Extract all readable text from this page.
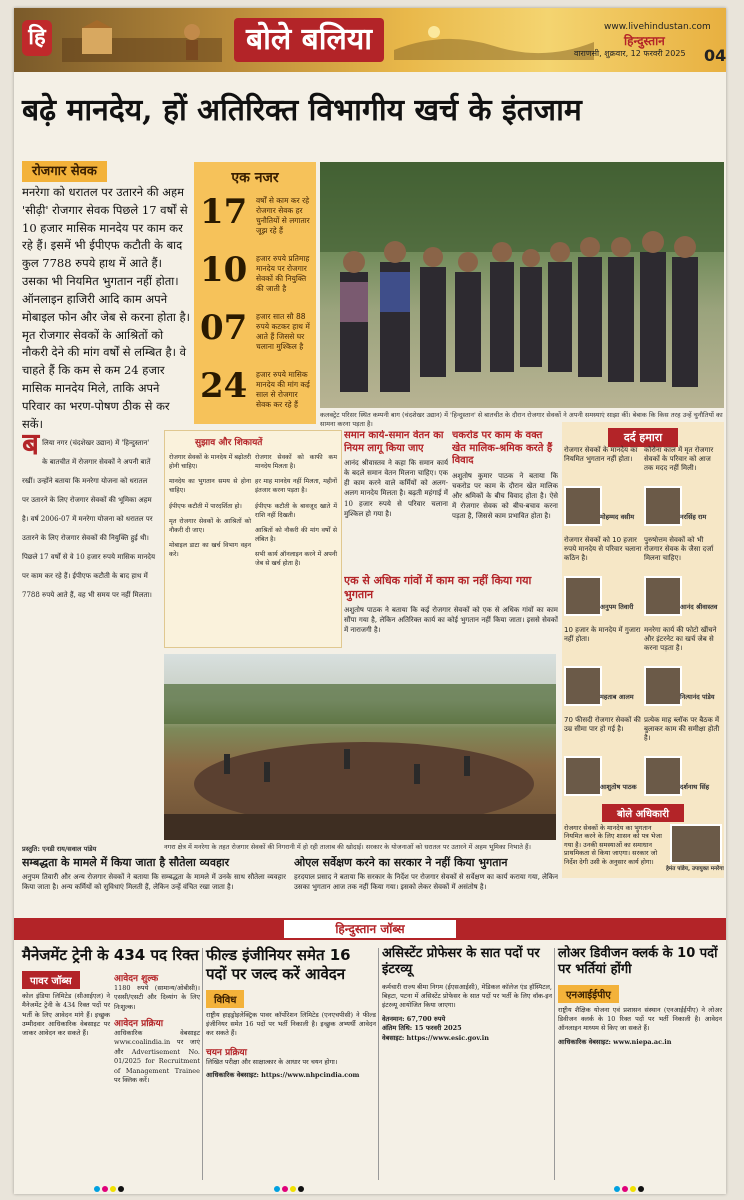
हि	बोले बलिया	www.livehindustan.com
हिन्दुस्तान
वाराणसी, शुक्रवार, 12 फरवरी 2025 04
बढ़े मानदेय, हों अतिरिक्त विभागीय खर्च के इंतजाम
रोजगार सेवक
मनरेगा को धरातल पर उतारने की अहम 'सीढ़ी' रोजगार सेवक पिछले 17 वर्षों से 10 हजार मासिक मानदेय पर काम कर रहे हैं। इसमें भी ईपीएफ कटौती के बाद कुल 7788 रुपये हाथ में आते हैं। उसका भी नियमित भुगतान नहीं होता। ऑनलाइन हाजिरी आदि काम अपने मोबाइल फोन और जेब से करना होता है। मृत रोजगार सेवकों के आश्रितों को नौकरी देने की मांग वर्षों से लम्बित है। वे चाहते हैं कि कम से कम 24 हजार मासिक मानदेय मिले, ताकि अपने परिवार का भरण-पोषण ठीक से कर सकें।
एक नजर
17 वर्षों से काम कर रहे रोजगार सेवक हर चुनौतियों से लगातार जूझ रहे हैं
10 हजार रुपये प्रतिमाह मानदेय पर रोजगार सेवकों की नियुक्ति की जाती है
07 हजार सात सौ 88 रुपये कटकर हाथ में आते हैं जिससे घर चलाना मुश्किल है
24 हजार रुपये मासिक मानदेय की मांग कई साल से रोजगार सेवक कर रहे हैं
कलक्ट्रेट परिसर स्थित कम्पनी बाग (चंदशेखर उद्यान) में 'हिन्दुस्तान' से बातचीत के दौरान रोजगार सेवकों ने अपनी समस्याएं साझा कीं। बेबाक कि किस तरह उन्हें चुनौतियों का सामना करना पड़ता है।
ब लिया नगर (चंदशेखर उद्यान) में 'हिन्दुस्तान' के बातचीत में रोजगार सेवकों ने अपनी बातें रखीं। उन्होंने बताया कि मनरेगा योजना को धरातल पर उतारने के लिए रोजगार सेवकों की भूमिका अहम है। वर्ष 2006-07 में मनरेगा योजना को धरातल पर उतारने के लिए रोजगार सेवकों की नियुक्ति हुई थी। पिछले 17 वर्षों से वे 10 हजार रुपये मासिक मानदेय पर काम कर रहे हैं। ईपीएफ कटौती के बाद हाथ में 7788 रुपये आते हैं, वह भी समय पर नहीं मिलता।
सुझाव और शिकायतें
रोजगार सेवकों के मानदेय में बढ़ोतरी होनी चाहिए।
मानदेय का भुगतान समय से होना चाहिए।
ईपीएफ कटौती में पारदर्शिता हो।
मृत रोजगार सेवकों के आश्रितों को नौकरी दी जाए।
मोबाइल डाटा का खर्च विभाग वहन करे।
रोजगार सेवकों को काफी कम मानदेय मिलता है।
हर माह मानदेय नहीं मिलता, महीनों इंतजार करना पड़ता है।
ईपीएफ कटौती के बावजूद खाते में राशि नहीं दिखती।
आश्रितों को नौकरी की मांग वर्षों से लंबित है।
सभी कार्य ऑनलाइन करने में अपनी जेब से खर्च होता है।
समान कार्य-समान वेतन का नियम लागू किया जाए
आनंद श्रीवास्तव ने कहा कि समान कार्य के बदले समान वेतन मिलना चाहिए। एक ही काम करने वाले कर्मियों को अलग-अलग मानदेय मिलता है। बढ़ती महंगाई में 10 हजार रुपये से परिवार चलाना मुश्किल हो गया है।
चकरोड पर काम के वक्त खेत मालिक-श्रमिक करते हैं विवाद
अशुतोष कुमार पाठक ने बताया कि चकरोड पर काम के दौरान खेत मालिक और श्रमिकों के बीच विवाद होता है। ऐसे में रोजगार सेवक को बीच-बचाव करना पड़ता है, जिससे काम प्रभावित होता है।
एक से अधिक गांवों में काम का नहीं किया गया भुगतान
अशुतोष पाठक ने बताया कि कई रोजगार सेवकों को एक से अधिक गांवों का काम सौंपा गया है, लेकिन अतिरिक्त कार्य का कोई भुगतान नहीं किया जाता। इससे सेवकों में नाराजगी है।
नगरा क्षेत्र में मनरेगा के तहत रोजगार सेवकों की निगरानी में हो रही तालाब की खोदाई। सरकार के योजनाओं को धरातल पर उतारने में अहम भूमिका निभाते हैं।
प्रस्तुति: एनडी राय/सवाल पांडेय
सम्बद्धता के मामले में किया जाता है सौतेला व्यवहार
अनुपम तिवारी और अन्य रोजगार सेवकों ने बताया कि सम्बद्धता के मामले में उनके साथ सौतेला व्यवहार किया जाता है। अन्य कर्मियों को सुविधाएं मिलती हैं, लेकिन उन्हें वंचित रखा जाता है।
ओएल सर्वेक्षण करने का सरकार ने नहीं किया भुगतान
हरदयाल प्रसाद ने बताया कि सरकार के निर्देश पर रोजगार सेवकों से सर्वेक्षण का कार्य कराया गया, लेकिन उसका भुगतान आज तक नहीं किया गया। इसको लेकर सेवकों में असंतोष है।
दर्द हमारा
रोजगार सेवकों के मानदेय का नियमित भुगतान नहीं होता।
मोहम्मद वसीम
कोरोना काल में मृत रोजगार सेवकों के परिवार को आज तक मदद नहीं मिली।
नरसिंह राम
रोजगार सेवकों को 10 हजार रुपये मानदेय से परिवार चलाना कठिन है।
अनुपम तिवारी
पुरुषोत्तम सेवकों को भी रोजगार सेवक के जैसा दर्जा मिलना चाहिए।
आनंद श्रीवास्तव
10 हजार के मानदेय में गुजारा नहीं होता।
महताब आलम
मनरेगा कार्य की फोटो खींचने और इंटरनेट का खर्च जेब से करना पड़ता है।
नित्यानंद पांडेय
70 फीसदी रोजगार सेवकों की उम्र सीमा पार हो गई है।
आशुतोष पाठक
प्रत्येक माह ब्लॉक पर बैठक में बुलाकर काम की समीक्षा होती है।
दर्शनाथ सिंह
बोले अधिकारी
रोजगार सेवकों के मानदेय का भुगतान नियमित करने के लिए शासन को पत्र भेजा गया है। उनकी समस्याओं का समाधान प्राथमिकता से किया जाएगा। सरकार जो निर्देश देगी उसी के अनुसार कार्य होगा।
हेमंत पांडेय, उपायुक्त मनरेगा
हिन्दुस्तान जॉब्स
मैनेजमेंट ट्रेनी के 434 पद रिक्त
पावर जॉब्स
कोल इंडिया लिमिटेड (सीआईएल) ने मैनेजमेंट ट्रेनी के 434 रिक्त पदों पर भर्ती के लिए आवेदन मांगे हैं। इच्छुक उम्मीदवार आधिकारिक वेबसाइट पर जाकर आवेदन कर सकते हैं।
आवेदन शुल्क
1180 रुपये (सामान्य/ओबीसी)। एससी/एसटी और दिव्यांग के लिए निःशुल्क।
आवेदन प्रक्रिया
आधिकारिक वेबसाइट www.coalindia.in पर जाएं और Advertisement No. 01/2025 for Recruitment of Management Trainee पर क्लिक करें।
फील्ड इंजीनियर समेत 16 पदों पर जल्द करें आवेदन
विविध
राष्ट्रीय हाइड्रोइलेक्ट्रिक पावर कॉर्पोरेशन लिमिटेड (एनएचपीसी) ने फील्ड इंजीनियर समेत 16 पदों पर भर्ती निकाली है। इच्छुक अभ्यर्थी आवेदन कर सकते हैं।
चयन प्रक्रिया
लिखित परीक्षा और साक्षात्कार के आधार पर चयन होगा।
आधिकारिक वेबसाइट: https://www.nhpcindia.com
असिस्टेंट प्रोफेसर के सात पदों पर इंटरव्यू
कर्मचारी राज्य बीमा निगम (ईएसआईसी), मेडिकल कॉलेज एंड हॉस्पिटल, बिहटा, पटना में असिस्टेंट प्रोफेसर के सात पदों पर भर्ती के लिए वॉक-इन इंटरव्यू आयोजित किया जाएगा।
वेतनमान: 67,700 रुपये
अंतिम तिथि: 15 फरवरी 2025
वेबसाइट: https://www.esic.gov.in
लोअर डिवीजन क्लर्क के 10 पदों पर भर्तियां होंगी
एनआईईपीए
राष्ट्रीय शैक्षिक योजना एवं प्रशासन संस्थान (एनआईईपीए) ने लोअर डिवीजन क्लर्क के 10 रिक्त पदों पर भर्ती निकाली है। आवेदन ऑनलाइन माध्यम से किए जा सकते हैं।
आधिकारिक वेबसाइट: www.niepa.ac.in
